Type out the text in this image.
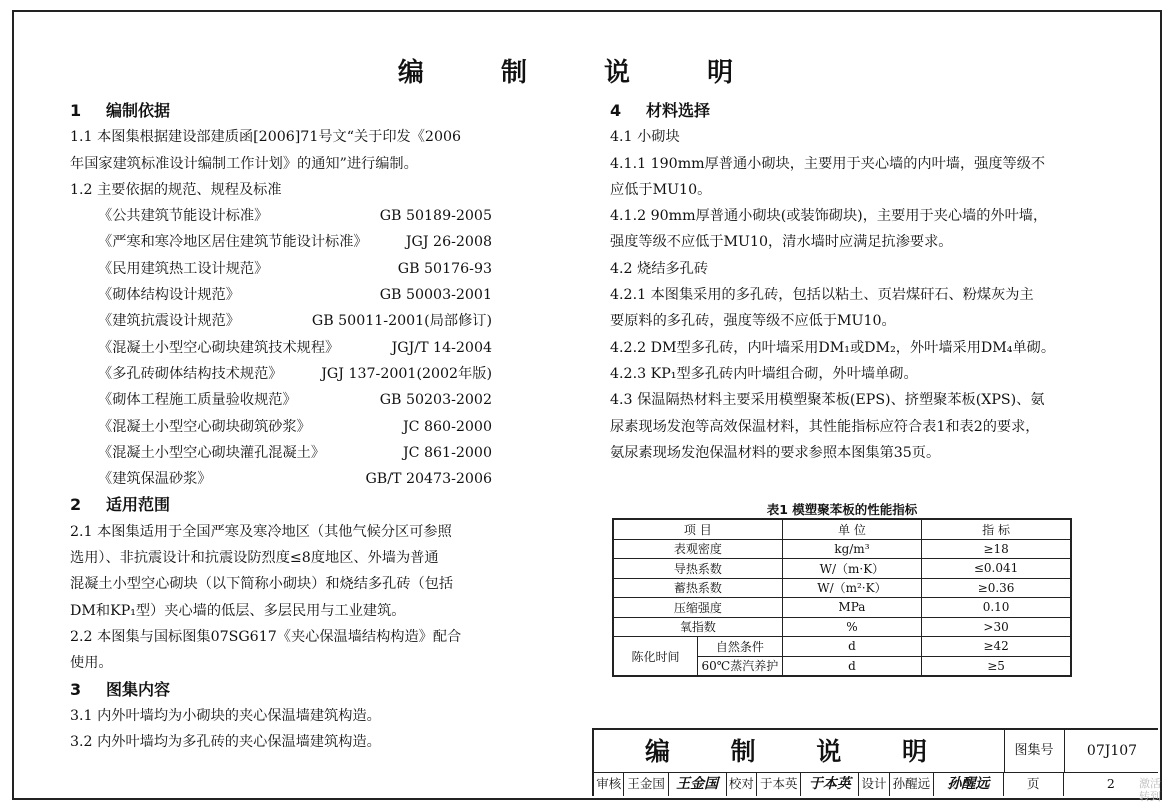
编 制 说 明
1 编制依据
1.1 本图集根据建设部建质函[2006]71号文“关于印发《2006
年国家建筑标准设计编制工作计划》的通知”进行编制。
1.2 主要依据的规范、规程及标准
《公共建筑节能设计标准》	GB 50189-2005
《严寒和寒冷地区居住建筑节能设计标准》	JGJ 26-2008
《民用建筑热工设计规范》	GB 50176-93
《砌体结构设计规范》	GB 50003-2001
《建筑抗震设计规范》	GB 50011-2001(局部修订)
《混凝土小型空心砌块建筑技术规程》	JGJ/T 14-2004
《多孔砖砌体结构技术规范》	JGJ 137-2001(2002年版)
《砌体工程施工质量验收规范》	GB 50203-2002
《混凝土小型空心砌块砌筑砂浆》	JC 860-2000
《混凝土小型空心砌块灌孔混凝土》	JC 861-2000
《建筑保温砂浆》	GB/T 20473-2006
2 适用范围
2.1 本图集适用于全国严寒及寒冷地区（其他气候分区可参照
选用）、非抗震设计和抗震设防烈度≤8度地区、外墙为普通
混凝土小型空心砌块（以下简称小砌块）和烧结多孔砖（包括
DM和KP₁型）夹心墙的低层、多层民用与工业建筑。
2.2 本图集与国标图集07SG617《夹心保温墙结构构造》配合
使用。
3 图集内容
3.1 内外叶墙均为小砌块的夹心保温墙建筑构造。
3.2 内外叶墙均为多孔砖的夹心保温墙建筑构造。
4 材料选择
4.1 小砌块
4.1.1 190mm厚普通小砌块，主要用于夹心墙的内叶墙，强度等级不
应低于MU10。
4.1.2 90mm厚普通小砌块(或装饰砌块)，主要用于夹心墙的外叶墙，
强度等级不应低于MU10，清水墙时应满足抗渗要求。
4.2 烧结多孔砖
4.2.1 本图集采用的多孔砖，包括以粘土、页岩煤矸石、粉煤灰为主
要原料的多孔砖，强度等级不应低于MU10。
4.2.2 DM型多孔砖，内叶墙采用DM₁或DM₂，外叶墙采用DM₄单砌。
4.2.3 KP₁型多孔砖内叶墙组合砌，外叶墙单砌。
4.3 保温隔热材料主要采用模塑聚苯板(EPS)、挤塑聚苯板(XPS)、氨
尿素现场发泡等高效保温材料，其性能指标应符合表1和表2的要求，
氨尿素现场发泡保温材料的要求参照本图集第35页。
表1 模塑聚苯板的性能指标
项 目		单 位	指 标
表观密度		kg/m³	≥18
导热系数		W/（m·K）	≤0.041
蓄热系数		W/（m²·K）	≥0.36
压缩强度		MPa	0.10
氧指数		%	>30
陈化时间	自然条件	d	≥42
	60℃蒸汽养护	d	≥5
编 制 说 明	图集号	07J107
审核 王金国 王金国 校对 于本英 于本英 设计 孙醒远	孙醒远	页	2	激活
转到
